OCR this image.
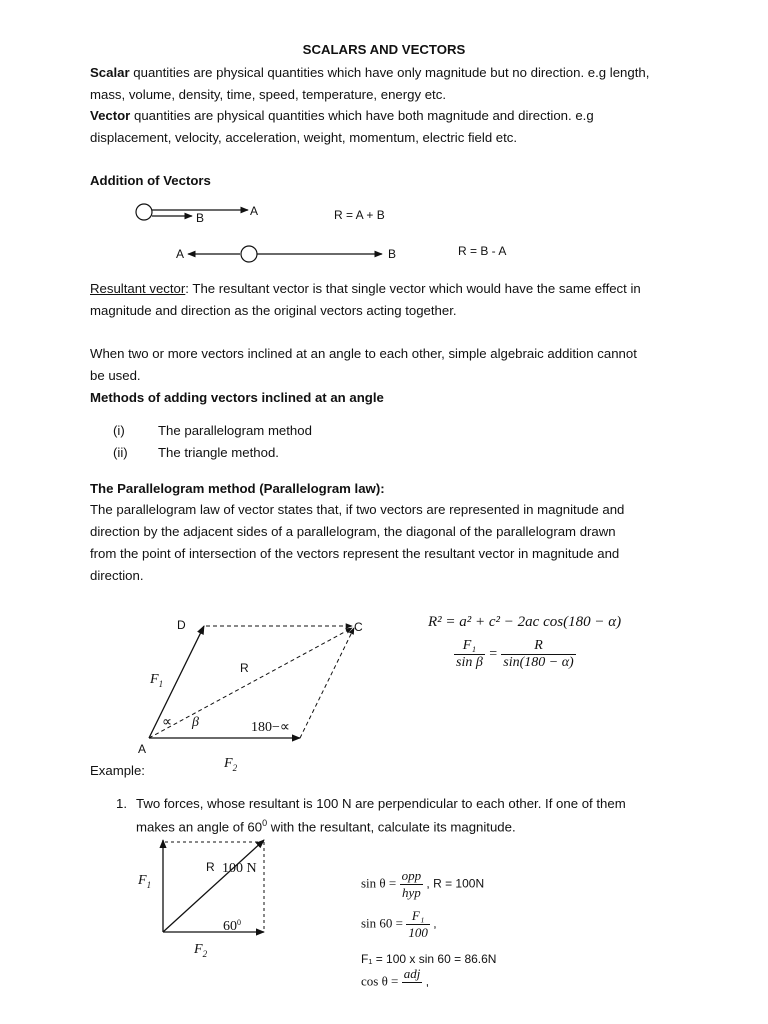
SCALARS AND VECTORS
Scalar quantities are physical quantities which have only magnitude but no direction. e.g length,
mass, volume, density, time, speed, temperature, energy etc.
Vector quantities are physical quantities which have both magnitude and direction. e.g
displacement, velocity, acceleration, weight, momentum, electric field etc.
Addition of Vectors
B	A	R = A + B
A	B	R = B - A
Resultant vector: The resultant vector is that single vector which would have the same effect in
magnitude and direction as the original vectors acting together.
When two or more vectors inclined at an angle to each other, simple algebraic addition cannot
be used.
Methods of adding vectors inclined at an angle
(i)	The parallelogram method
(ii) The triangle method.
The Parallelogram method (Parallelogram law):
The parallelogram law of vector states that, if two vectors are represented in magnitude and
direction by the adjacent sides of a parallelogram, the diagonal of the parallelogram drawn
from the point of intersection of the vectors represent the resultant vector in magnitude and
direction.
D	C
R
$F_1$
∝ β	180−∝
A
$F_2$
R² = a² + c² − 2ac cos(180 − α)
$\frac{\text{F₁}}{\text{sin β}} = \frac{R}{\sin(180 - \alpha)}$
Example:
1. Two forces, whose resultant is 100 N are perpendicular to each other. If one of them
makes an angle of $60^0$ with the resultant, calculate its magnitude.
$F_1$
R 100 N
$60^0$
$F_2$
$\sin \theta = \frac{\text{opp}}{\text{hyp}}$ , R = 100N
$\sin 60 = \frac{\text{F₁}}{100}$ ,
F₁ = 100 x sin 60 = 86.6N
cos θ =
adj

,
